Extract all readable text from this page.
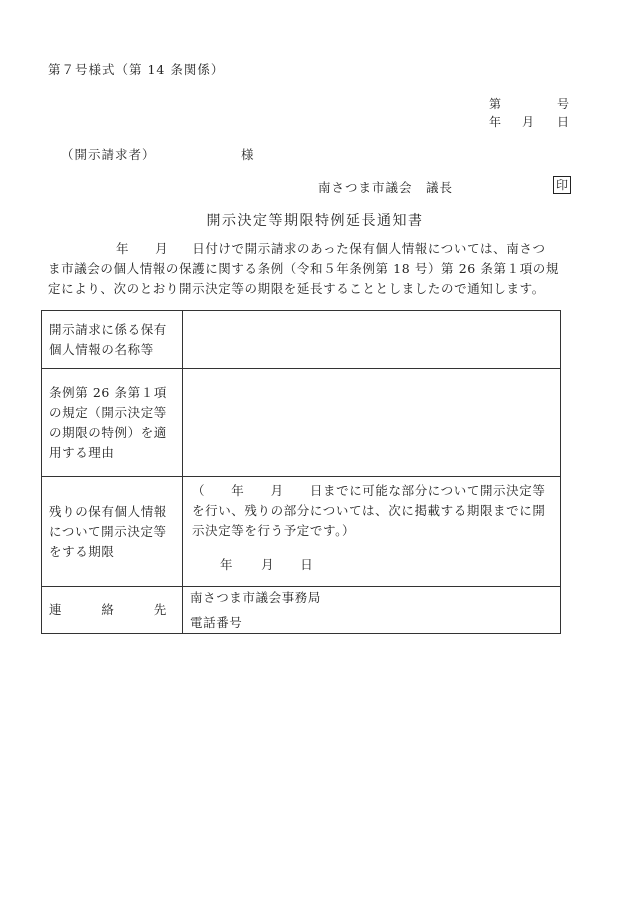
第７号様式（第 14 条関係）
第	号
年 月 日
（開示請求者）	様
南さつま市議会　議長	印
開示決定等期限特例延長通知書
年 月 日付けで開示請求のあった保有個人情報については、南さつ
ま市議会の個人情報の保護に関する条例（令和５年条例第 18 号）第 26 条第１項の規
定により、次のとおり開示決定等の期限を延長することとしましたので通知します。
開示請求に係る保有個人情報の名称等	
条例第 26 条第１項の規定（開示決定等の期限の特例）を適用する理由	
残りの保有個人情報について開示決定等をする期限	（　　年　　月　　日までに可能な部分について開示決定等を行い、残りの部分については、次に掲載する期限までに開示決定等を行う予定です。）
年 月 日

連　　　絡　　　先	南さつま市議会事務局
電話番号
